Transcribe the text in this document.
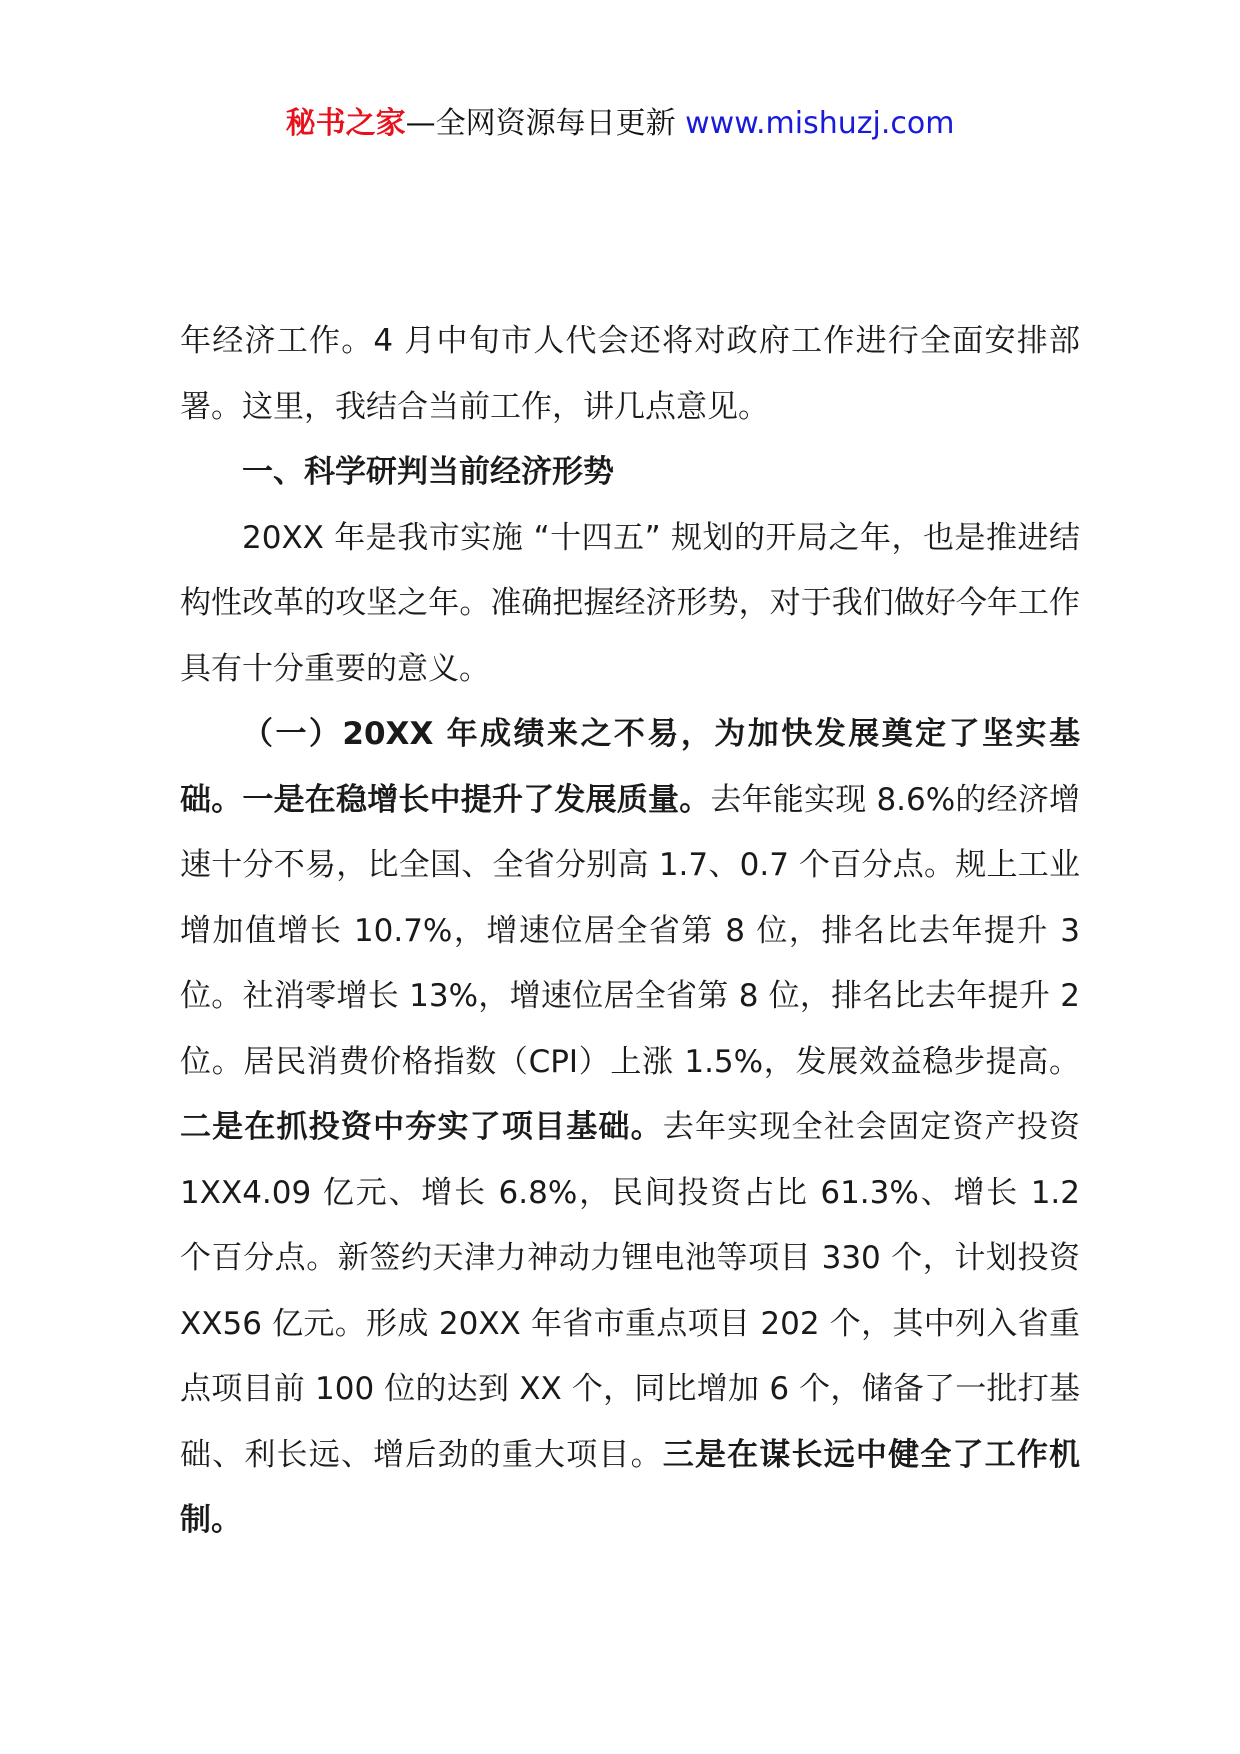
秘书之家—全网资源每日更新 www.mishuzj.com

年经济工作。4 月中旬市人代会还将对政府工作进行全面安排部署。这里，我结合当前工作，讲几点意见。

一、科学研判当前经济形势

20XX 年是我市实施 “十四五” 规划的开局之年，也是推进结构性改革的攻坚之年。准确把握经济形势，对于我们做好今年工作具有十分重要的意义。

（一）20XX 年成绩来之不易，为加快发展奠定了坚实基础。一是在稳增长中提升了发展质量。去年能实现 8.6%的经济增速十分不易，比全国、全省分别高 1.7、0.7 个百分点。规上工业增加值增长 10.7%，增速位居全省第 8 位，排名比去年提升 3 位。社消零增长 13%，增速位居全省第 8 位，排名比去年提升 2 位。居民消费价格指数（CPI）上涨 1.5%，发展效益稳步提高。二是在抓投资中夯实了项目基础。去年实现全社会固定资产投资 1XX4.09 亿元、增长 6.8%，民间投资占比 61.3%、增长 1.2 个百分点。新签约天津力神动力锂电池等项目 330 个，计划投资 XX56 亿元。形成 20XX 年省市重点项目 202 个，其中列入省重点项目前 100 位的达到 XX 个，同比增加 6 个，储备了一批打基础、利长远、增后劲的重大项目。三是在谋长远中健全了工作机制。
